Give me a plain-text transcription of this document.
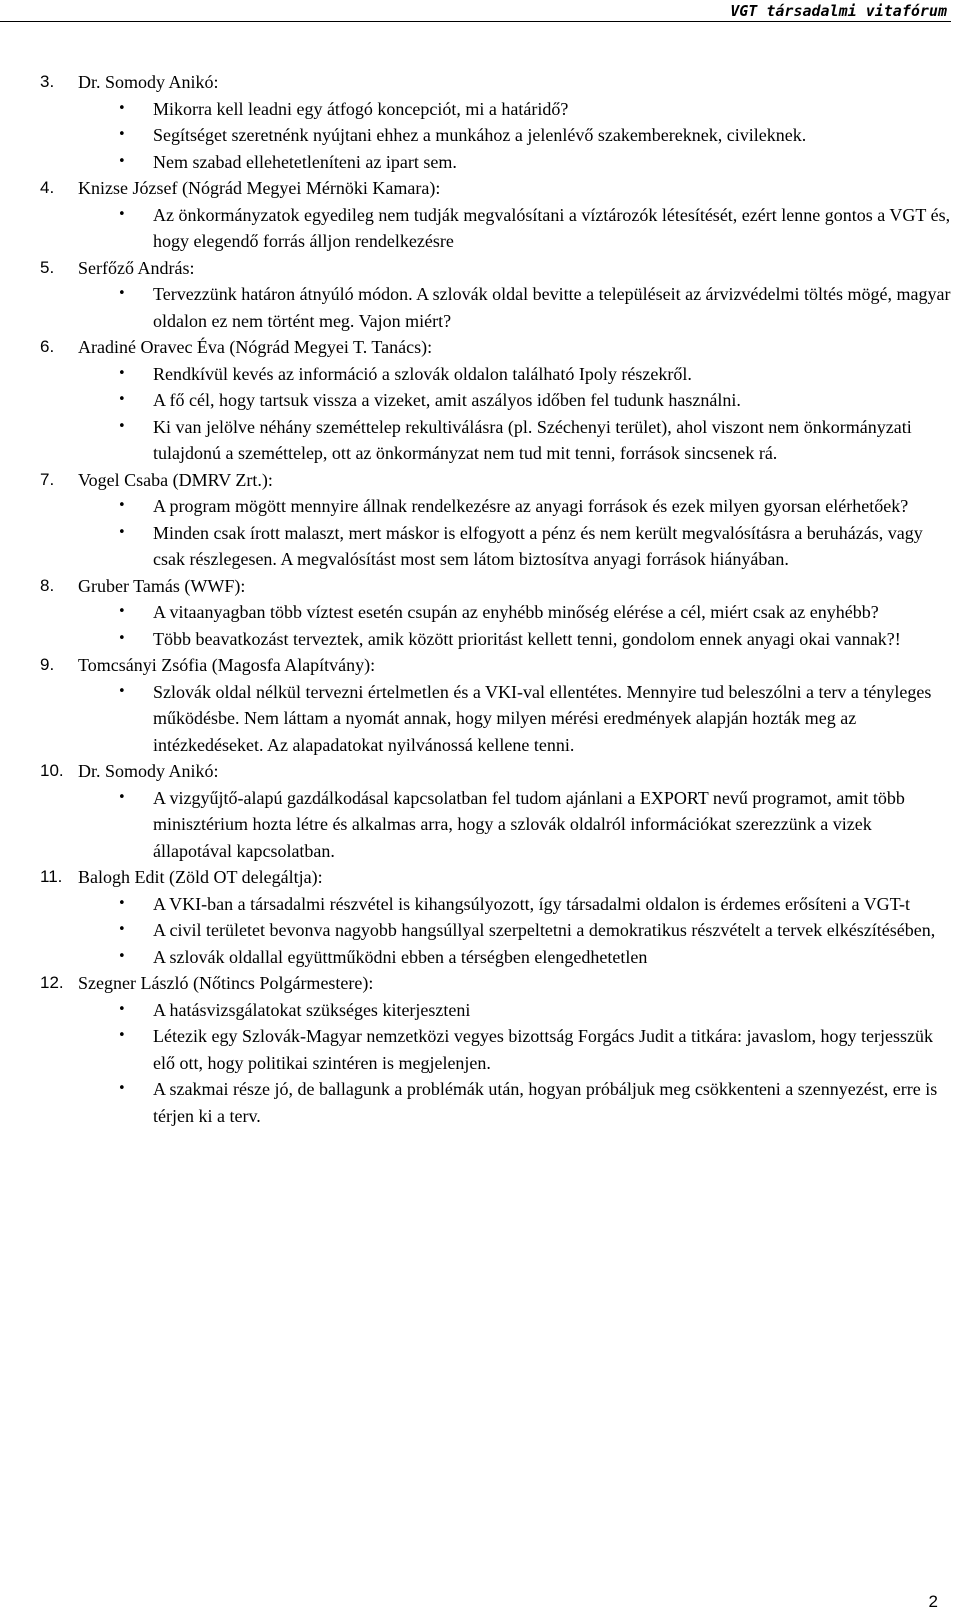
VGT társadalmi vitafórum
3. Dr. Somody Anikó:
• Mikorra kell leadni egy átfogó koncepciót, mi a határidő?
• Segítséget szeretnénk nyújtani ehhez a munkához a jelenlévő szakembereknek, civileknek.
• Nem szabad ellehetetleníteni az ipart sem.
4. Knizse József (Nógrád Megyei Mérnöki Kamara):
• Az önkormányzatok egyedileg nem tudják megvalósítani a víztározók létesítését, ezért lenne gontos a VGT és, hogy elegendő forrás álljon rendelkezésre
5. Serfőző András:
• Tervezzünk határon átnyúló módon. A szlovák oldal bevitte a településeit az árvizvédelmi töltés mögé, magyar oldalon ez nem történt meg. Vajon miért?
6. Aradiné Oravec Éva (Nógrád Megyei T. Tanács):
• Rendkívül kevés az információ a szlovák oldalon található Ipoly részekről.
• A fő cél, hogy tartsuk vissza a vizeket, amit aszályos időben fel tudunk használni.
• Ki van jelölve néhány szeméttelep rekultiválásra (pl. Széchenyi terület), ahol viszont nem önkormányzati tulajdonú a szeméttelep, ott az önkormányzat nem tud mit tenni, források sincsenek rá.
7. Vogel Csaba (DMRV Zrt.):
• A program mögött mennyire állnak rendelkezésre az anyagi források és ezek milyen gyorsan elérhetőek?
• Minden csak írott malaszt, mert máskor is elfogyott a pénz és nem került megvalósításra a beruházás, vagy csak részlegesen. A megvalósítást most sem látom biztosítva anyagi források hiányában.
8. Gruber Tamás (WWF):
• A vitaanyagban több víztest esetén csupán az enyhébb minőség elérése a cél, miért csak az enyhébb?
• Több beavatkozást terveztek, amik között prioritást kellett tenni, gondolom ennek anyagi okai vannak?!
9. Tomcsányi Zsófia (Magosfa Alapítvány):
• Szlovák oldal nélkül tervezni értelmetlen és a VKI-val ellentétes. Mennyire tud beleszólni a terv a tényleges működésbe. Nem láttam a nyomát annak, hogy milyen mérési eredmények alapján hozták meg az intézkedéseket. Az alapadatokat nyilvánossá kellene tenni.
10. Dr. Somody Anikó:
• A vizgyűjtő-alapú gazdálkodásal kapcsolatban fel tudom ajánlani a EXPORT nevű programot, amit több minisztérium hozta létre és alkalmas arra, hogy a szlovák oldalról információkat szerezzünk a vizek állapotával kapcsolatban.
11. Balogh Edit (Zöld OT delegáltja):
• A VKI-ban a társadalmi részvétel is kihangsúlyozott, így társadalmi oldalon is érdemes erősíteni a VGT-t
• A civil területet bevonva nagyobb hangsúllyal szerpeltetni a demokratikus részvételt a tervek elkészítésében,
• A szlovák oldallal együttműködni ebben a térségben elengedhetetlen
12. Szegner László (Nőtincs Polgármestere):
• A hatásvizsgálatokat szükséges kiterjeszteni
• Létezik egy Szlovák-Magyar nemzetközi vegyes bizottság Forgács Judit a titkára: javaslom, hogy terjesszük elő ott, hogy politikai szintéren is megjelenjen.
• A szakmai része jó, de ballagunk a problémák után, hogyan próbáljuk meg csökkenteni a szennyezést, erre is térjen ki a terv.
2
